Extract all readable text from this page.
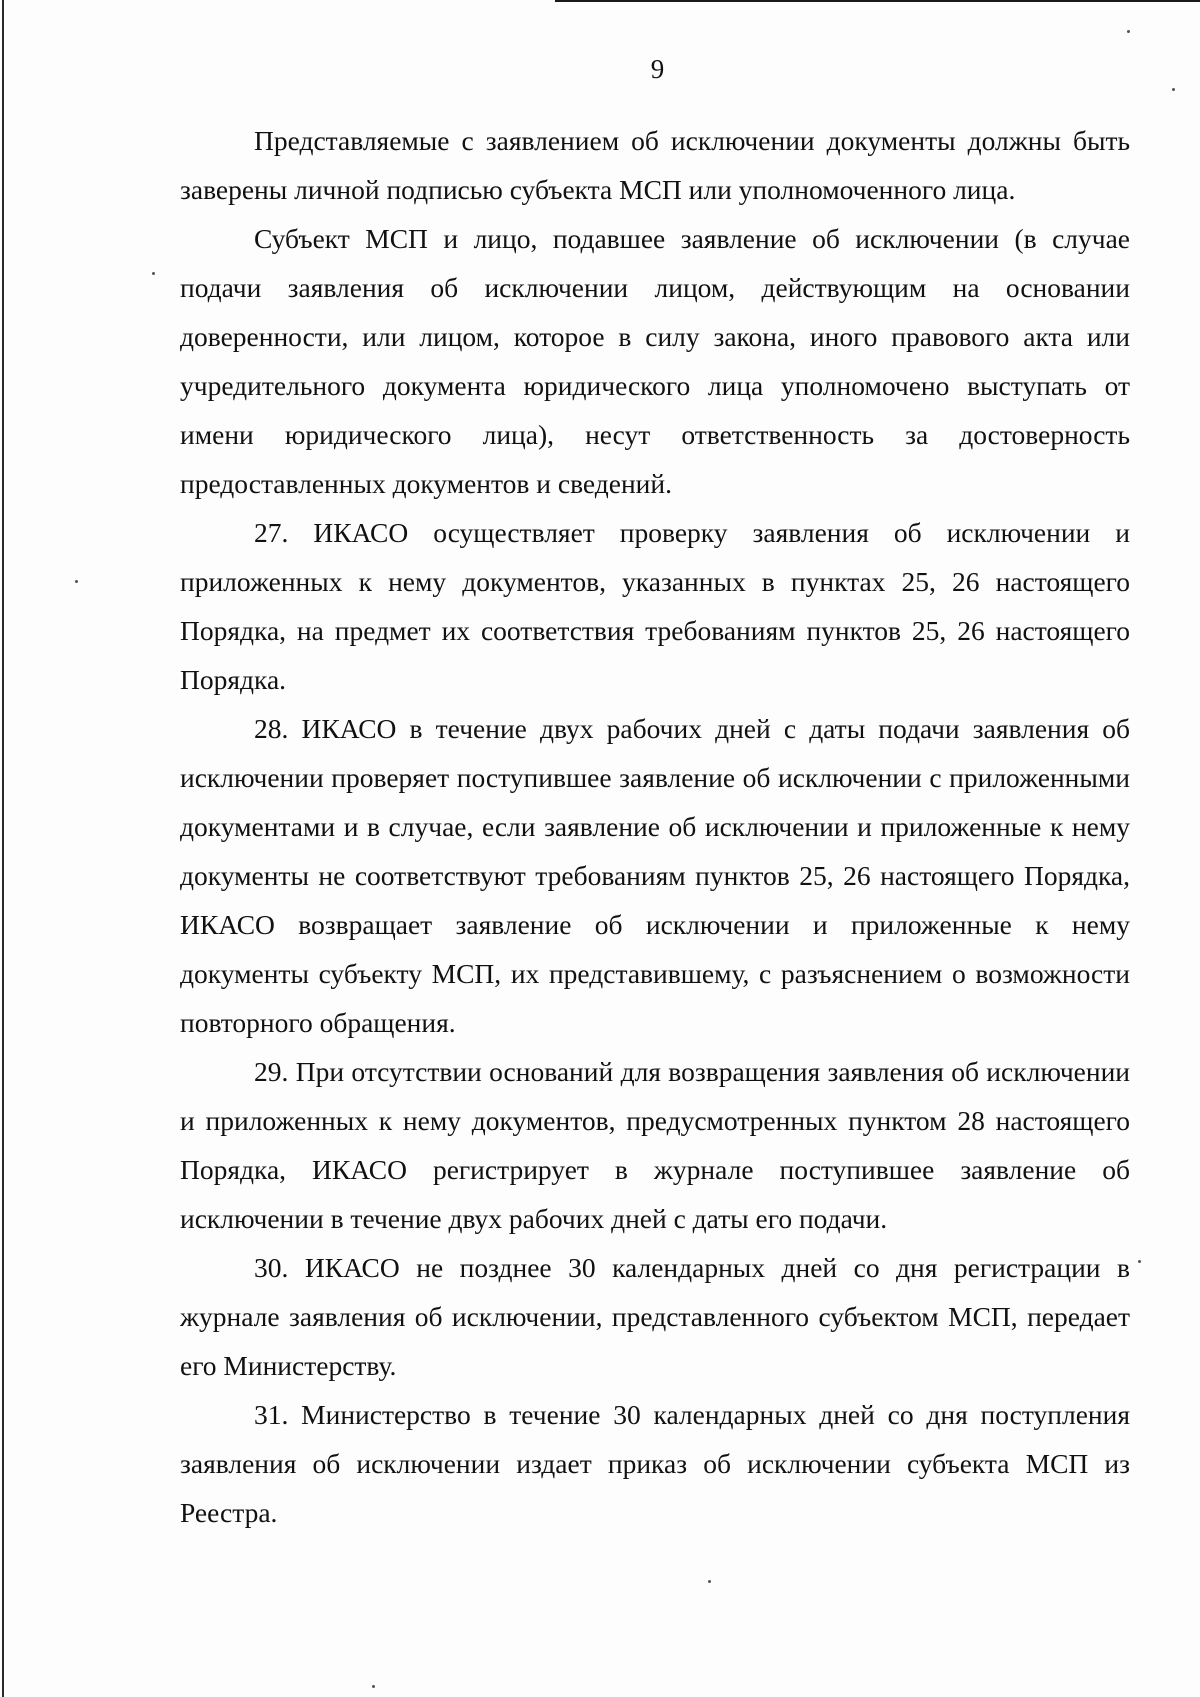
9

Представляемые с заявлением об исключении документы должны быть заверены личной подписью субъекта МСП или уполномоченного лица.

Субъект МСП и лицо, подавшее заявление об исключении (в случае подачи заявления об исключении лицом, действующим на основании доверенности, или лицом, которое в силу закона, иного правового акта или учредительного документа юридического лица уполномочено выступать от имени юридического лица), несут ответственность за достоверность предоставленных документов и сведений.

27. ИКАСО осуществляет проверку заявления об исключении и приложенных к нему документов, указанных в пунктах 25, 26 настоящего Порядка, на предмет их соответствия требованиям пунктов 25, 26 настоящего Порядка.

28. ИКАСО в течение двух рабочих дней с даты подачи заявления об исключении проверяет поступившее заявление об исключении с приложенными документами и в случае, если заявление об исключении и приложенные к нему документы не соответствуют требованиям пунктов 25, 26 настоящего Порядка, ИКАСО возвращает заявление об исключении и приложенные к нему документы субъекту МСП, их представившему, с разъяснением о возможности повторного обращения.

29. При отсутствии оснований для возвращения заявления об исключении и приложенных к нему документов, предусмотренных пунктом 28 настоящего Порядка, ИКАСО регистрирует в журнале поступившее заявление об исключении в течение двух рабочих дней с даты его подачи.

30. ИКАСО не позднее 30 календарных дней со дня регистрации в журнале заявления об исключении, представленного субъектом МСП, передает его Министерству.

31. Министерство в течение 30 календарных дней со дня поступления заявления об исключении издает приказ об исключении субъекта МСП из Реестра.
